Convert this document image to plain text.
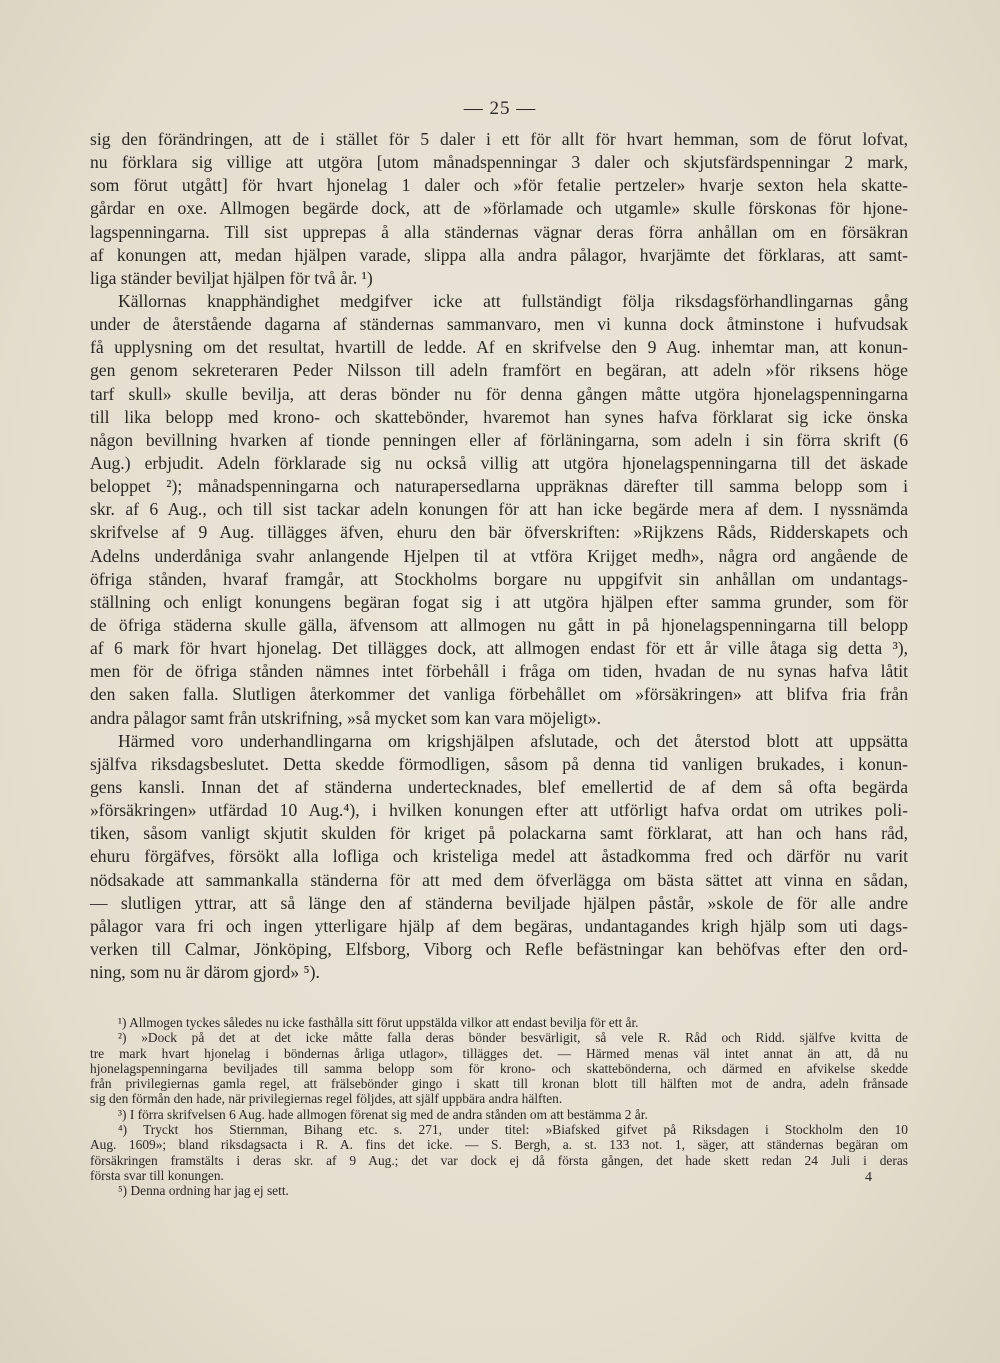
— 25 —
sig den förändringen, att de i stället för 5 daler i ett för allt för hvart hemman, som de förut lofvat,
nu förklara sig villige att utgöra [utom månadspenningar 3 daler och skjutsfärdspenningar 2 mark,
som förut utgått] för hvart hjonelag 1 daler och »för fetalie pertzeler» hvarje sexton hela skatte-
gårdar en oxe. Allmogen begärde dock, att de »förlamade och utgamle» skulle förskonas för hjone-
lagspenningarna. Till sist upprepas å alla ständernas vägnar deras förra anhållan om en försäkran
af konungen att, medan hjälpen varade, slippa alla andra pålagor, hvarjämte det förklaras, att samt-
liga ständer beviljat hjälpen för två år. ¹)
Källornas knapphändighet medgifver icke att fullständigt följa riksdagsförhandlingarnas gång
under de återstående dagarna af ständernas sammanvaro, men vi kunna dock åtminstone i hufvudsak
få upplysning om det resultat, hvartill de ledde. Af en skrifvelse den 9 Aug. inhemtar man, att konun-
gen genom sekreteraren Peder Nilsson till adeln framfört en begäran, att adeln »för riksens höge
tarf skull» skulle bevilja, att deras bönder nu för denna gången måtte utgöra hjonelagspenningarna
till lika belopp med krono- och skattebönder, hvaremot han synes hafva förklarat sig icke önska
någon bevillning hvarken af tionde penningen eller af förläningarna, som adeln i sin förra skrift (6
Aug.) erbjudit. Adeln förklarade sig nu också villig att utgöra hjonelagspenningarna till det äskade
beloppet ²); månadspenningarna och naturapersedlarna uppräknas därefter till samma belopp som i
skr. af 6 Aug., och till sist tackar adeln konungen för att han icke begärde mera af dem. I nyssnämda
skrifvelse af 9 Aug. tillägges äfven, ehuru den bär öfverskriften: »Rijkzens Råds, Ridderskapets och
Adelns underdåniga svahr anlangende Hjelpen til at vtföra Krijget medh», några ord angående de
öfriga stånden, hvaraf framgår, att Stockholms borgare nu uppgifvit sin anhållan om undantags-
ställning och enligt konungens begäran fogat sig i att utgöra hjälpen efter samma grunder, som för
de öfriga städerna skulle gälla, äfvensom att allmogen nu gått in på hjonelagspenningarna till belopp
af 6 mark för hvart hjonelag. Det tillägges dock, att allmogen endast för ett år ville åtaga sig detta ³),
men för de öfriga stånden nämnes intet förbehåll i fråga om tiden, hvadan de nu synas hafva låtit
den saken falla. Slutligen återkommer det vanliga förbehållet om »försäkringen» att blifva fria från
andra pålagor samt från utskrifning, »så mycket som kan vara möjeligt».
Härmed voro underhandlingarna om krigshjälpen afslutade, och det återstod blott att uppsätta
själfva riksdagsbeslutet. Detta skedde förmodligen, såsom på denna tid vanligen brukades, i konun-
gens kansli. Innan det af ständerna undertecknades, blef emellertid de af dem så ofta begärda
»försäkringen» utfärdad 10 Aug.⁴), i hvilken konungen efter att utförligt hafva ordat om utrikes poli-
tiken, såsom vanligt skjutit skulden för kriget på polackarna samt förklarat, att han och hans råd,
ehuru förgäfves, försökt alla lofliga och kristeliga medel att åstadkomma fred och därför nu varit
nödsakade att sammankalla ständerna för att med dem öfverlägga om bästa sättet att vinna en sådan,
— slutligen yttrar, att så länge den af ständerna beviljade hjälpen påstår, »skole de för alle andre
pålagor vara fri och ingen ytterligare hjälp af dem begäras, undantagandes krigh hjälp som uti dags-
verken till Calmar, Jönköping, Elfsborg, Viborg och Refle befästningar kan behöfvas efter den ord-
ning, som nu är därom gjord» ⁵).
¹) Allmogen tyckes således nu icke fasthålla sitt förut uppstälda vilkor att endast bevilja för ett år.
²) »Dock på det at det icke måtte falla deras bönder besvärligit, så vele R. Råd och Ridd. själfve kvitta de
tre mark hvart hjonelag i böndernas årliga utlagor», tillägges det. — Härmed menas väl intet annat än att, då nu
hjonelagspenningarna beviljades till samma belopp som för krono- och skattebönderna, och därmed en afvikelse skedde
från privilegiernas gamla regel, att frälsebönder gingo i skatt till kronan blott till hälften mot de andra, adeln frånsade
sig den förmån den hade, när privilegiernas regel följdes, att själf uppbära andra hälften.
³) I förra skrifvelsen 6 Aug. hade allmogen förenat sig med de andra stånden om att bestämma 2 år.
⁴) Tryckt hos Stiernman, Bihang etc. s. 271, under titel: »Biafsked gifvet på Riksdagen i Stockholm den 10
Aug. 1609»; bland riksdagsacta i R. A. fins det icke. — S. Bergh, a. st. 133 not. 1, säger, att ständernas begäran om
försäkringen framstälts i deras skr. af 9 Aug.; det var dock ej då första gången, det hade skett redan 24 Juli i deras
första svar till konungen.
⁵) Denna ordning har jag ej sett.
4
